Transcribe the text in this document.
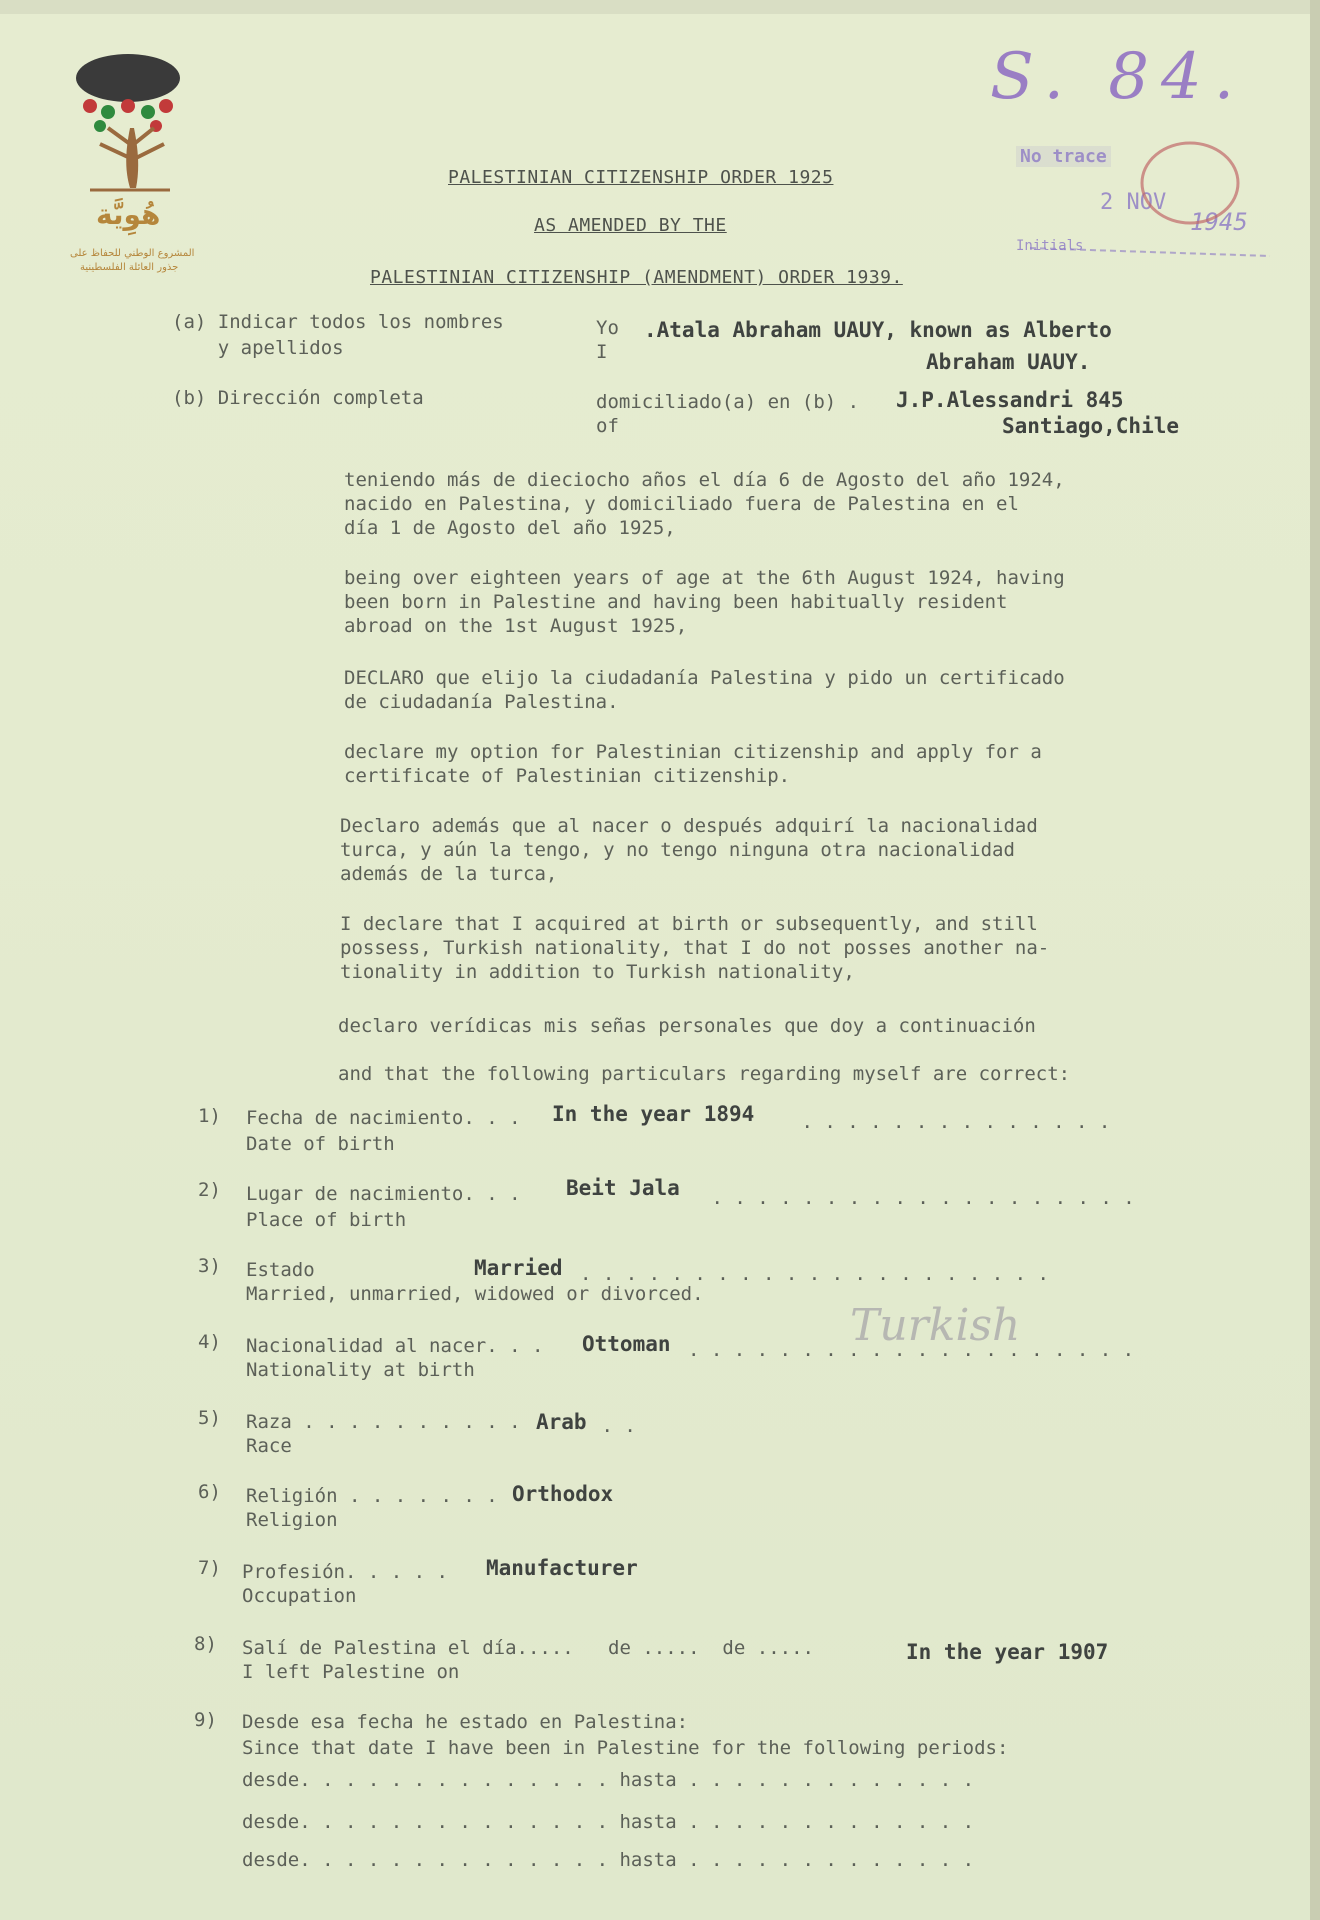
هُوِيَّة
المشروع الوطني للحفاظ على
جذور العائلة الفلسطينية
S. 84.
No trace
2 NOV
1945
Initials
PALESTINIAN CITIZENSHIP ORDER 1925
AS AMENDED BY THE
PALESTINIAN CITIZENSHIP (AMENDMENT) ORDER 1939.
(a) Indicar todos los nombres
y apellidos
Yo
I
.Atala Abraham UAUY, known as Alberto
Abraham UAUY.
(b) Dirección completa	domiciliado(a) en (b) .
of
J.P.Alessandri 845
Santiago,Chile
teniendo más de dieciocho años el día 6 de Agosto del año 1924,
nacido en Palestina, y domiciliado fuera de Palestina en el
día 1 de Agosto del año 1925,
being over eighteen years of age at the 6th August 1924, having
been born in Palestine and having been habitually resident
abroad on the 1st August 1925,
DECLARO que elijo la ciudadanía Palestina y pido un certificado
de ciudadanía Palestina.
declare my option for Palestinian citizenship and apply for a
certificate of Palestinian citizenship.
Declaro además que al nacer o después adquirí la nacionalidad
turca, y aún la tengo, y no tengo ninguna otra nacionalidad
además de la turca,
I declare that I acquired at birth or subsequently, and still
possess, Turkish nationality, that I do not posses another na-
tionality in addition to Turkish nationality,
declaro verídicas mis señas personales que doy a continuación
and that the following particulars regarding myself are correct:
1) Fecha de nacimiento. . . In the year 1894 . . . . . . . . . . . . . .
Date of birth
2) Lugar de nacimiento. . . Beit Jala . . . . . . . . . . . . . . . . . . .
Place of birth
3) Estado	Married . . . . . . . . . . . . . . . . . . . . .
Married, unmarried, widowed or divorced.
4) Nacionalidad al nacer. . . Ottoman . . . . . . . . . . . . . . . . . . . .
Nationality at birth
Turkish
5) Raza . . . . . . . . . . Arab . .
Race
6) Religión . . . . . . . Orthodox
Religion
7) Profesión. . . . . Manufacturer
Occupation
8) Salí de Palestina el día.....   de .....  de .....	In the year 1907
I left Palestine on
9) Desde esa fecha he estado en Palestina:
Since that date I have been in Palestine for the following periods:
desde. . . . . . . . . . . . . . hasta . . . . . . . . . . . . .
desde. . . . . . . . . . . . . . hasta . . . . . . . . . . . . .
desde. . . . . . . . . . . . . . hasta . . . . . . . . . . . . .
